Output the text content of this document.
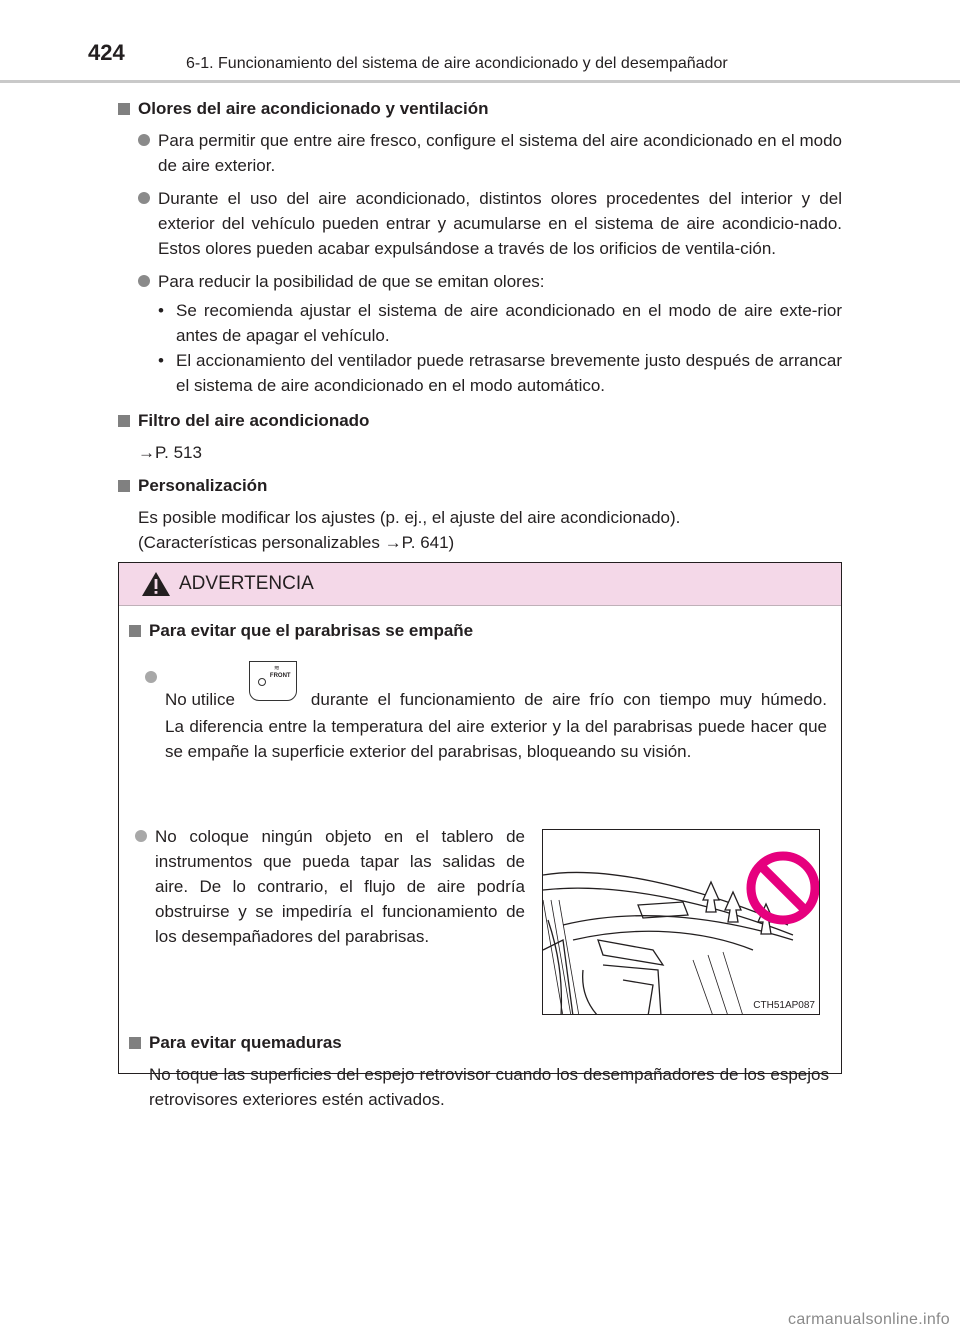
424	6-1. Funcionamiento del sistema de aire acondicionado y del desempañador
Olores del aire acondicionado y ventilación
Para permitir que entre aire fresco, configure el sistema del aire acondicionado en el modo de aire exterior.
Durante el uso del aire acondicionado, distintos olores procedentes del interior y del exterior del vehículo pueden entrar y acumularse en el sistema de aire acondicio-nado. Estos olores pueden acabar expulsándose a través de los orificios de ventila-ción.
Para reducir la posibilidad de que se emitan olores:
• Se recomienda ajustar el sistema de aire acondicionado en el modo de aire exte-rior antes de apagar el vehículo.
• El accionamiento del ventilador puede retrasarse brevemente justo después de arrancar el sistema de aire acondicionado en el modo automático.
Filtro del aire acondicionado
→P. 513
Personalización
Es posible modificar los ajustes (p. ej., el ajuste del aire acondicionado).
(Características personalizables →P. 641)
ADVERTENCIA
Para evitar que el parabrisas se empañe
No utilice
≋
FRONT
durante el funcionamiento de aire frío con tiempo muy húmedo.
La diferencia entre la temperatura del aire exterior y la del parabrisas puede hacer que se empañe la superficie exterior del parabrisas, bloqueando su visión.
No coloque ningún objeto en el tablero de instrumentos que pueda tapar las salidas de aire. De lo contrario, el flujo de aire podría obstruirse y se impediría el funcionamiento de los desempañadores del parabrisas.
CTH51AP087
Para evitar quemaduras
No toque las superficies del espejo retrovisor cuando los desempañadores de los espejos retrovisores exteriores estén activados.
carmanualsonline.info
